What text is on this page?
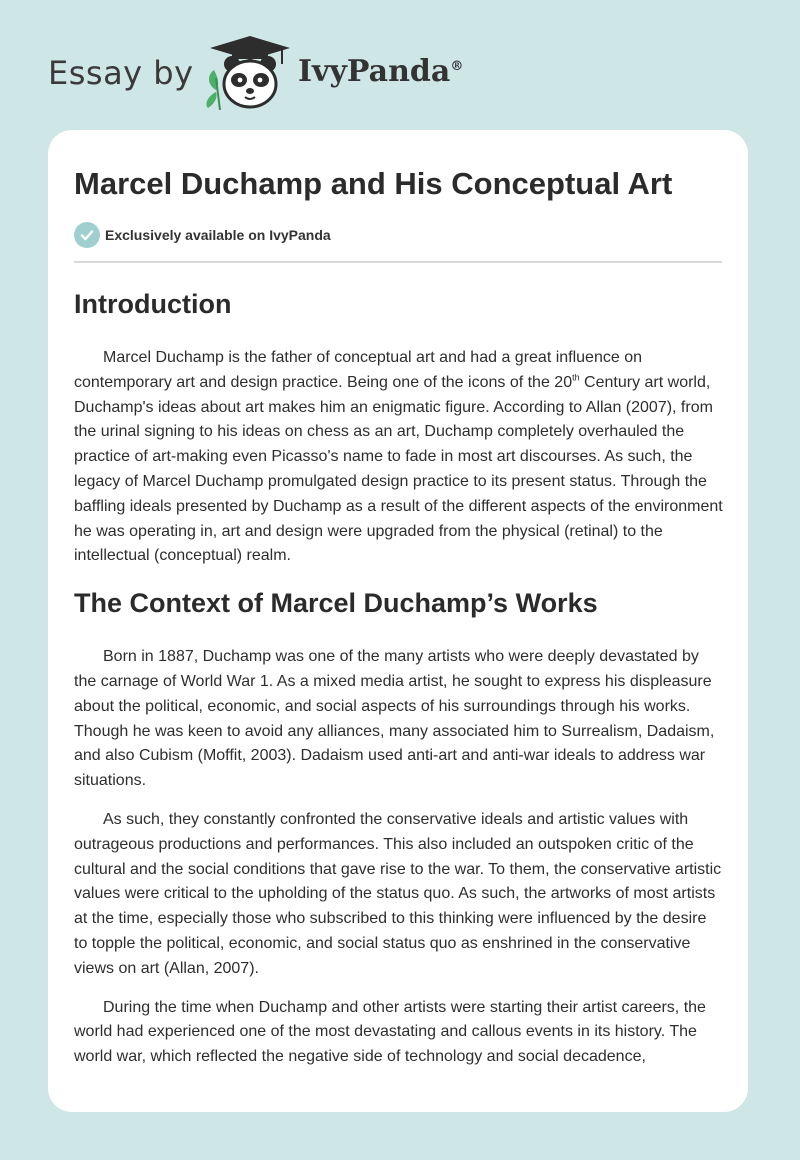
Essay by	IvyPanda®
Marcel Duchamp and His Conceptual Art
Exclusively available on IvyPanda
Introduction

Marcel Duchamp is the father of conceptual art and had a great influence on contemporary art and design practice. Being one of the icons of the 20th Century art world, Duchamp's ideas about art makes him an enigmatic figure. According to Allan (2007), from the urinal signing to his ideas on chess as an art, Duchamp completely overhauled the practice of art-making even Picasso's name to fade in most art discourses. As such, the legacy of Marcel Duchamp promulgated design practice to its present status. Through the baffling ideals presented by Duchamp as a result of the different aspects of the environment he was operating in, art and design were upgraded from the physical (retinal) to the intellectual (conceptual) realm.

The Context of Marcel Duchamp’s Works

Born in 1887, Duchamp was one of the many artists who were deeply devastated by the carnage of World War 1. As a mixed media artist, he sought to express his displeasure about the political, economic, and social aspects of his surroundings through his works. Though he was keen to avoid any alliances, many associated him to Surrealism, Dadaism, and also Cubism (Moffit, 2003). Dadaism used anti-art and anti-war ideals to address war situations.

As such, they constantly confronted the conservative ideals and artistic values with outrageous productions and performances. This also included an outspoken critic of the cultural and the social conditions that gave rise to the war. To them, the conservative artistic values were critical to the upholding of the status quo. As such, the artworks of most artists at the time, especially those who subscribed to this thinking were influenced by the desire to topple the political, economic, and social status quo as enshrined in the conservative views on art (Allan, 2007).

During the time when Duchamp and other artists were starting their artist careers, the world had experienced one of the most devastating and callous events in its history. The world war, which reflected the negative side of technology and social decadence,
